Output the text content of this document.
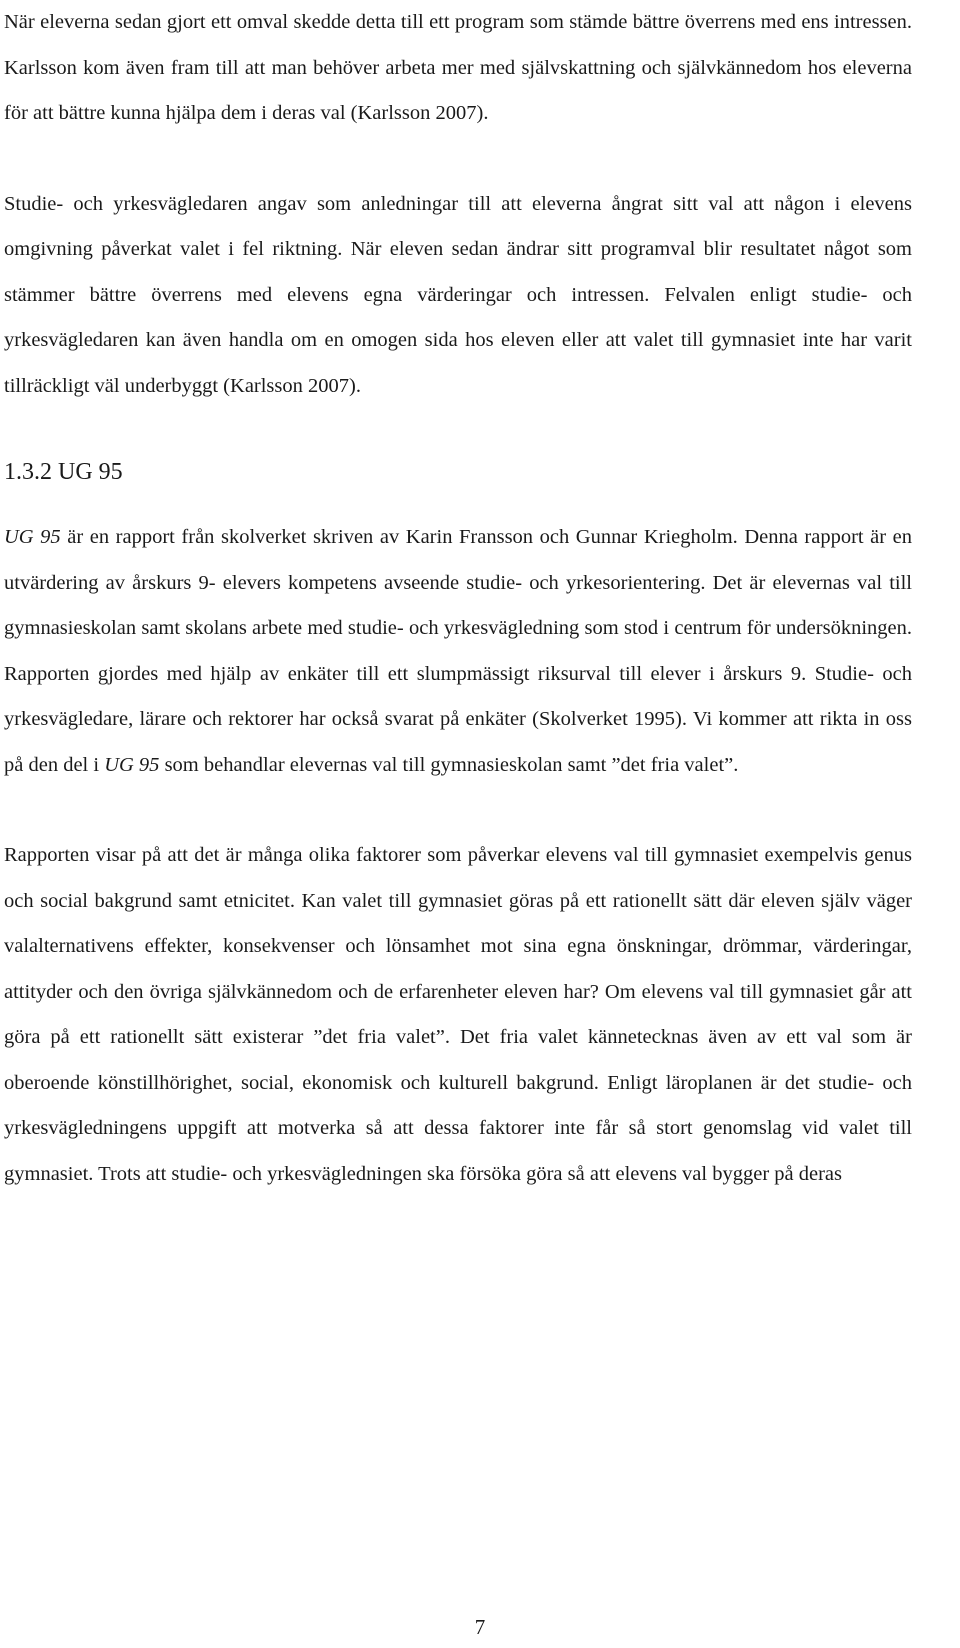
När eleverna sedan gjort ett omval skedde detta till ett program som stämde bättre överrens med ens intressen. Karlsson kom även fram till att man behöver arbeta mer med självskattning och självkännedom hos eleverna för att bättre kunna hjälpa dem i deras val (Karlsson 2007).

Studie- och yrkesvägledaren angav som anledningar till att eleverna ångrat sitt val att någon i elevens omgivning påverkat valet i fel riktning. När eleven sedan ändrar sitt programval blir resultatet något som stämmer bättre överrens med elevens egna värderingar och intressen. Felvalen enligt studie- och yrkesvägledaren kan även handla om en omogen sida hos eleven eller att valet till gymnasiet inte har varit tillräckligt väl underbyggt (Karlsson 2007).

1.3.2 UG 95

UG 95 är en rapport från skolverket skriven av Karin Fransson och Gunnar Kriegholm. Denna rapport är en utvärdering av årskurs 9- elevers kompetens avseende studie- och yrkesorientering. Det är elevernas val till gymnasieskolan samt skolans arbete med studie- och yrkesvägledning som stod i centrum för undersökningen. Rapporten gjordes med hjälp av enkäter till ett slumpmässigt riksurval till elever i årskurs 9. Studie- och yrkesvägledare, lärare och rektorer har också svarat på enkäter (Skolverket 1995). Vi kommer att rikta in oss på den del i UG 95 som behandlar elevernas val till gymnasieskolan samt ”det fria valet”.

Rapporten visar på att det är många olika faktorer som påverkar elevens val till gymnasiet exempelvis genus och social bakgrund samt etnicitet. Kan valet till gymnasiet göras på ett rationellt sätt där eleven själv väger valalternativens effekter, konsekvenser och lönsamhet mot sina egna önskningar, drömmar, värderingar, attityder och den övriga självkännedom och de erfarenheter eleven har? Om elevens val till gymnasiet går att göra på ett rationellt sätt existerar ”det fria valet”. Det fria valet kännetecknas även av ett val som är oberoende könstillhörighet, social, ekonomisk och kulturell bakgrund. Enligt läroplanen är det studie- och yrkesvägledningens uppgift att motverka så att dessa faktorer inte får så stort genomslag vid valet till gymnasiet. Trots att studie- och yrkesvägledningen ska försöka göra så att elevens val bygger på deras

7
